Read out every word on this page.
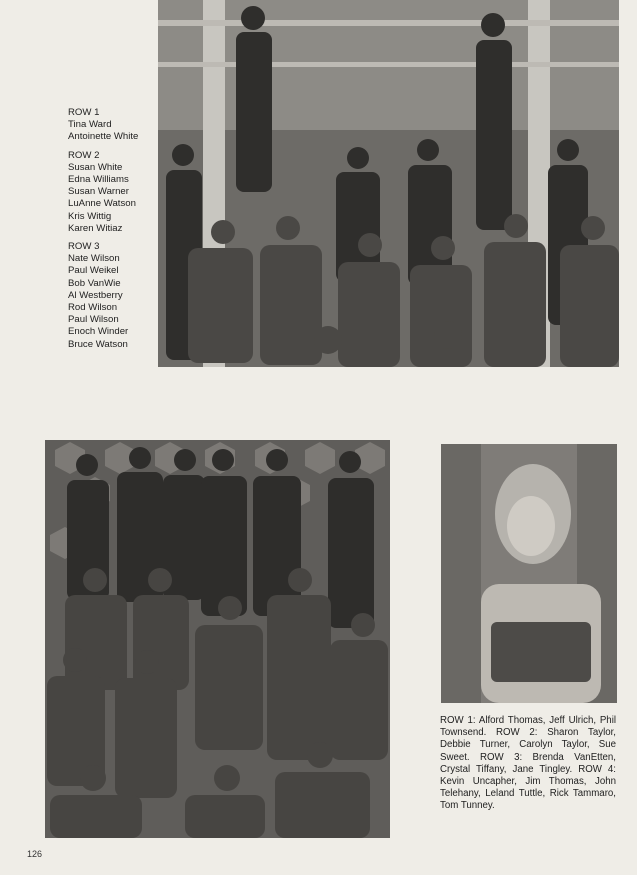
ROW 1
Tina Ward
Antoinette White
ROW 2
Susan White
Edna Williams
Susan Warner
LuAnne Watson
Kris Wittig
Karen Witiaz
ROW 3
Nate Wilson
Paul Weikel
Bob VanWie
Al Westberry
Rod Wilson
Paul Wilson
Enoch Winder
Bruce Watson
ROW 1: Alford Thomas, Jeff Ulrich, Phil Townsend. ROW 2: Sharon Taylor, Debbie Turner, Carolyn Taylor, Sue Sweet. ROW 3: Brenda VanEtten, Crystal Tiffany, Jane Tingley. ROW 4: Kevin Uncapher, Jim Thomas, John Telehany, Leland Tuttle, Rick Tammaro, Tom Tunney.
126
